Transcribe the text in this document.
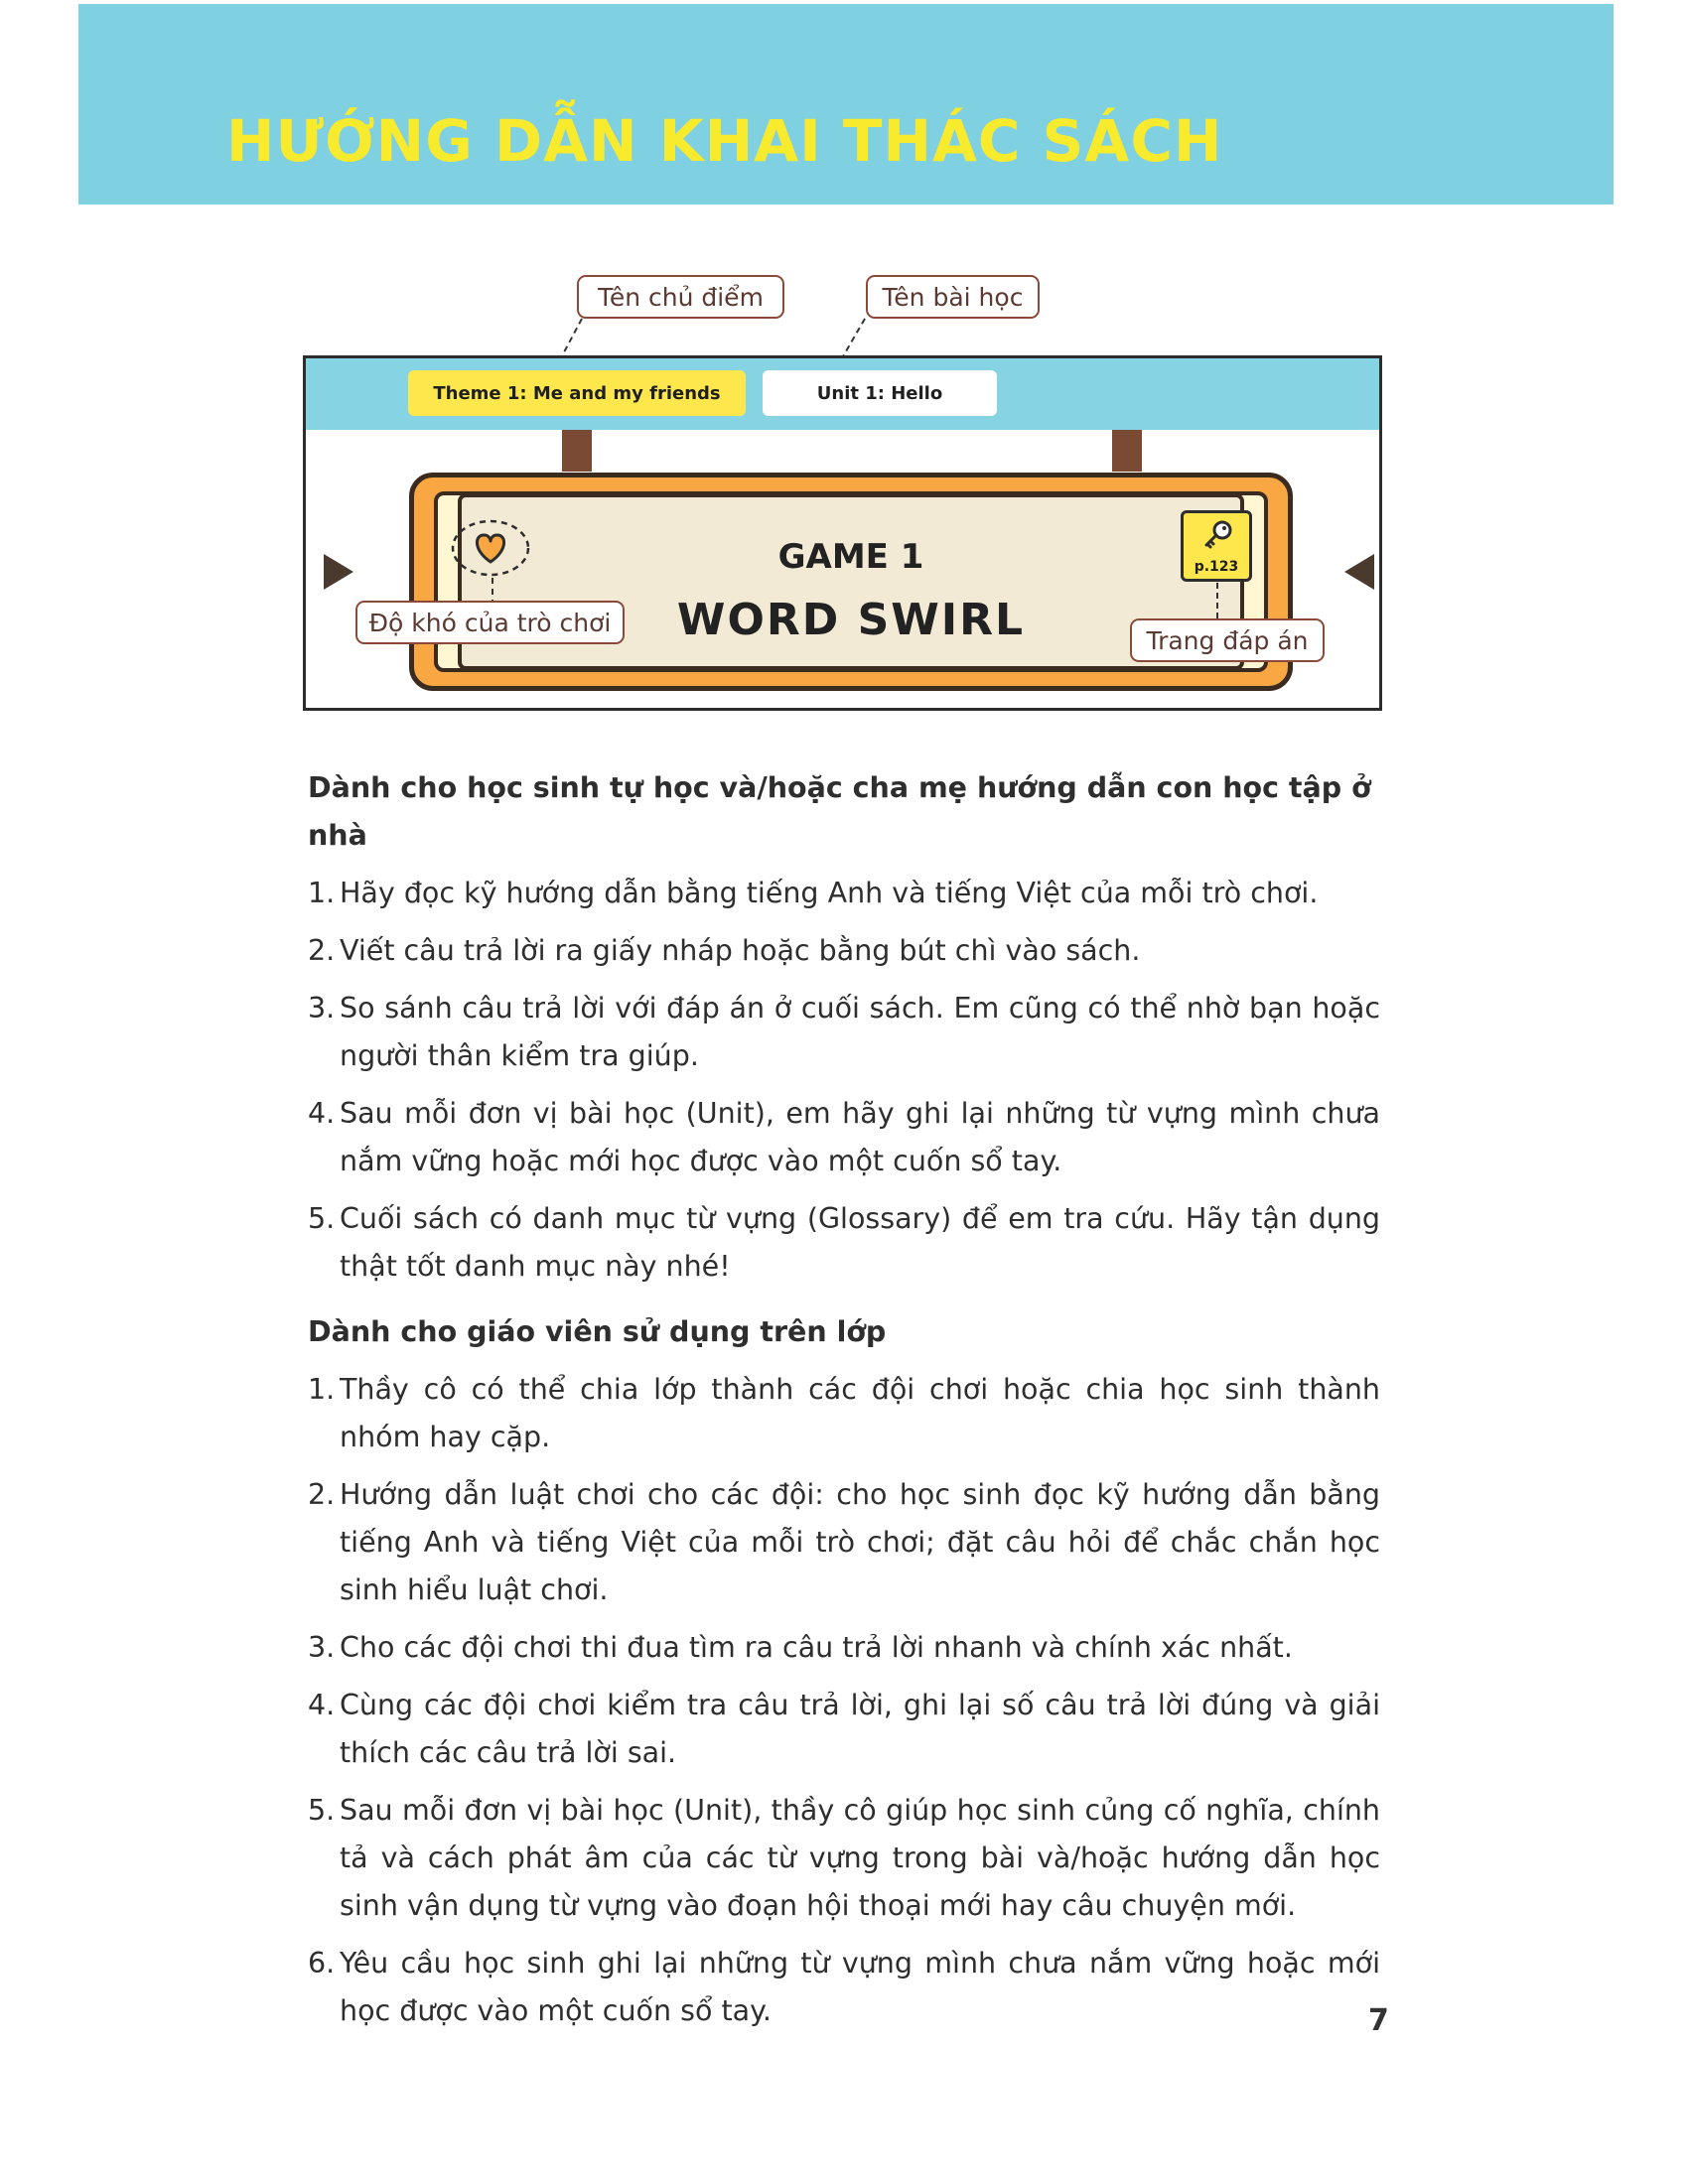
HƯỚNG DẪN KHAI THÁC SÁCH
Tên chủ điểm	Tên bài học
Theme 1: Me and my friends	Unit 1: Hello
GAME 1
WORD SWIRL
Độ khó của trò chơi
p.123
Trang đáp án
Dành cho học sinh tự học và/hoặc cha mẹ hướng dẫn con học tập ở nhà
1. Hãy đọc kỹ hướng dẫn bằng tiếng Anh và tiếng Việt của mỗi trò chơi.
2. Viết câu trả lời ra giấy nháp hoặc bằng bút chì vào sách.
3. So sánh câu trả lời với đáp án ở cuối sách. Em cũng có thể nhờ bạn hoặc người thân kiểm tra giúp.
4. Sau mỗi đơn vị bài học (Unit), em hãy ghi lại những từ vựng mình chưa nắm vững hoặc mới học được vào một cuốn sổ tay.
5. Cuối sách có danh mục từ vựng (Glossary) để em tra cứu. Hãy tận dụng thật tốt danh mục này nhé!
Dành cho giáo viên sử dụng trên lớp
1. Thầy cô có thể chia lớp thành các đội chơi hoặc chia học sinh thành nhóm hay cặp.
2. Hướng dẫn luật chơi cho các đội: cho học sinh đọc kỹ hướng dẫn bằng tiếng Anh và tiếng Việt của mỗi trò chơi; đặt câu hỏi để chắc chắn học sinh hiểu luật chơi.
3. Cho các đội chơi thi đua tìm ra câu trả lời nhanh và chính xác nhất.
4. Cùng các đội chơi kiểm tra câu trả lời, ghi lại số câu trả lời đúng và giải thích các câu trả lời sai.
5. Sau mỗi đơn vị bài học (Unit), thầy cô giúp học sinh củng cố nghĩa, chính tả và cách phát âm của các từ vựng trong bài và/hoặc hướng dẫn học sinh vận dụng từ vựng vào đoạn hội thoại mới hay câu chuyện mới.
6. Yêu cầu học sinh ghi lại những từ vựng mình chưa nắm vững hoặc mới học được vào một cuốn sổ tay.	7
